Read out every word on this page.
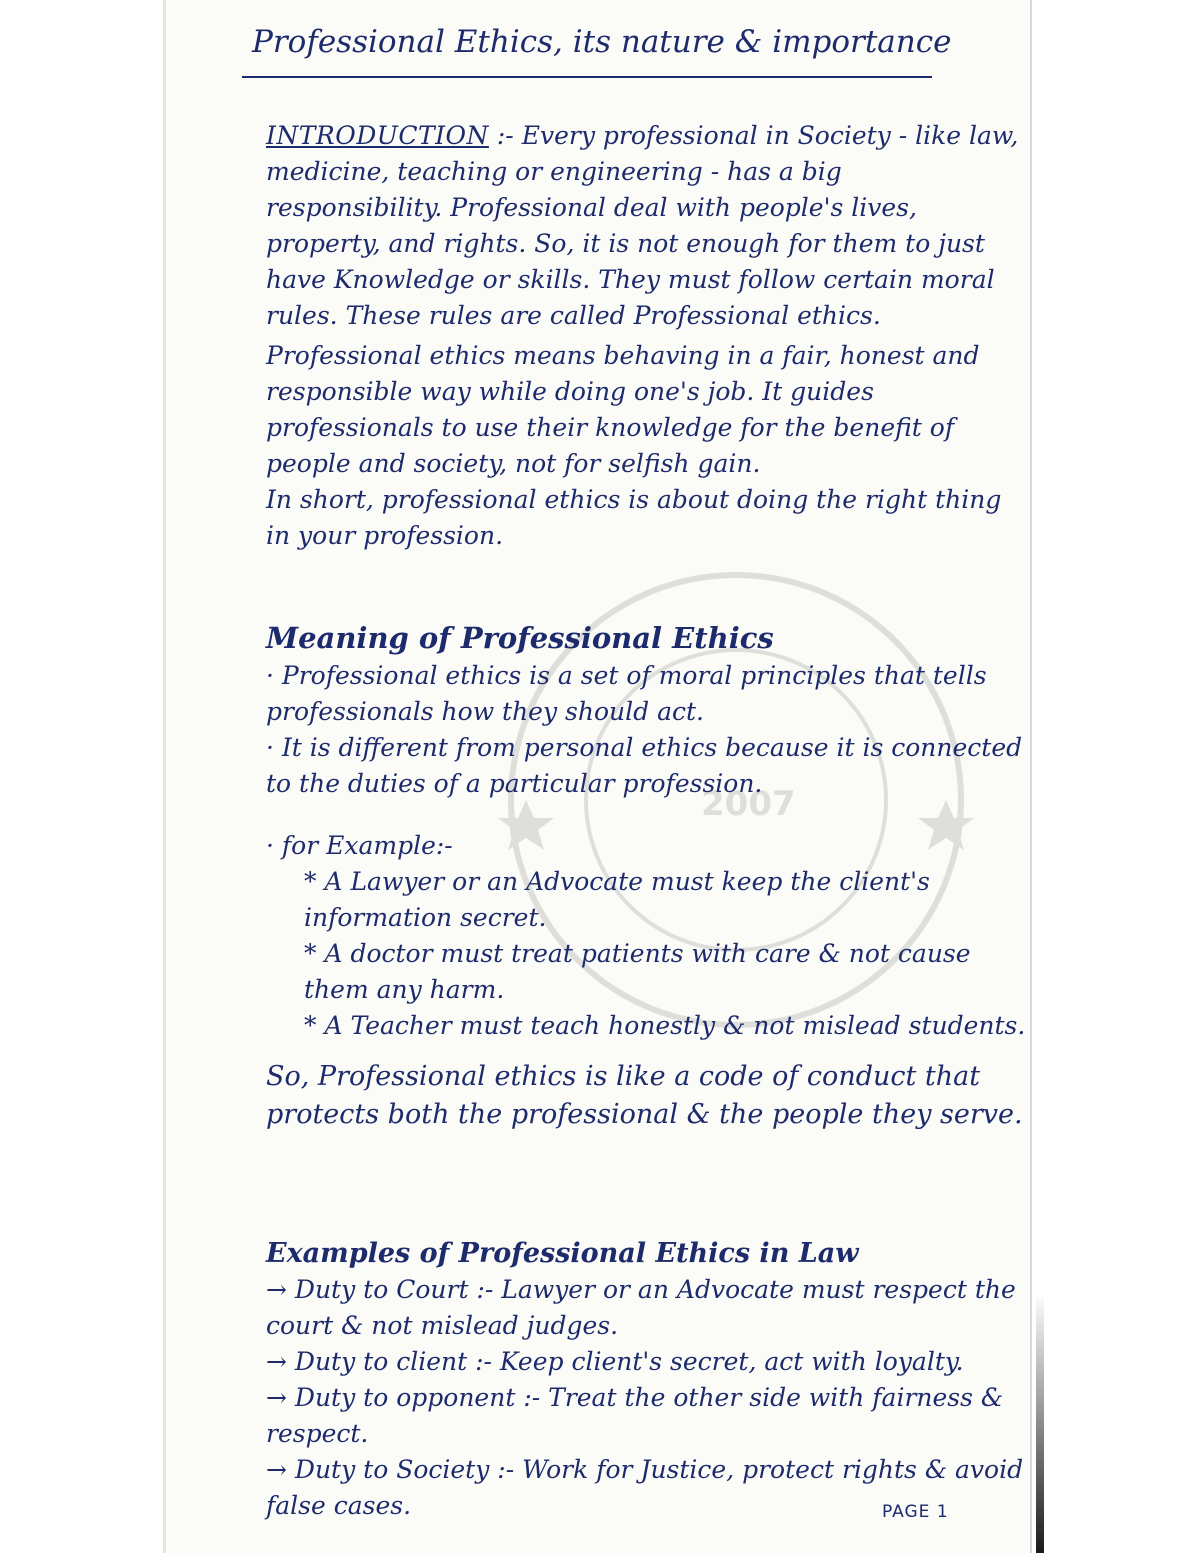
2007
Professional Ethics, its nature & importance

INTRODUCTION :- Every professional in Society - like law, medicine, teaching or engineering - has a big responsibility. Professional deal with people's lives, property, and rights. So, it is not enough for them to just have Knowledge or skills. They must follow certain moral rules. These rules are called Professional ethics.

Professional ethics means behaving in a fair, honest and responsible way while doing one's job. It guides professionals to use their knowledge for the benefit of people and society, not for selfish gain.

In short, professional ethics is about doing the right thing in your profession.

Meaning of Professional Ethics
· Professional ethics is a set of moral principles that tells professionals how they should act.
· It is different from personal ethics because it is connected to the duties of a particular profession.

· for Example:-

* A Lawyer or an Advocate must keep the client's information secret.
* A doctor must treat patients with care & not cause them any harm.
* A Teacher must teach honestly & not mislead students.

So, Professional ethics is like a code of conduct that protects both the professional & the people they serve.

Examples of Professional Ethics in Law
→ Duty to Court :- Lawyer or an Advocate must respect the court & not mislead judges.
→ Duty to client :- Keep client's secret, act with loyalty.
→ Duty to opponent :- Treat the other side with fairness & respect.
→ Duty to Society :- Work for Justice, protect rights & avoid false cases.	PAGE 1
